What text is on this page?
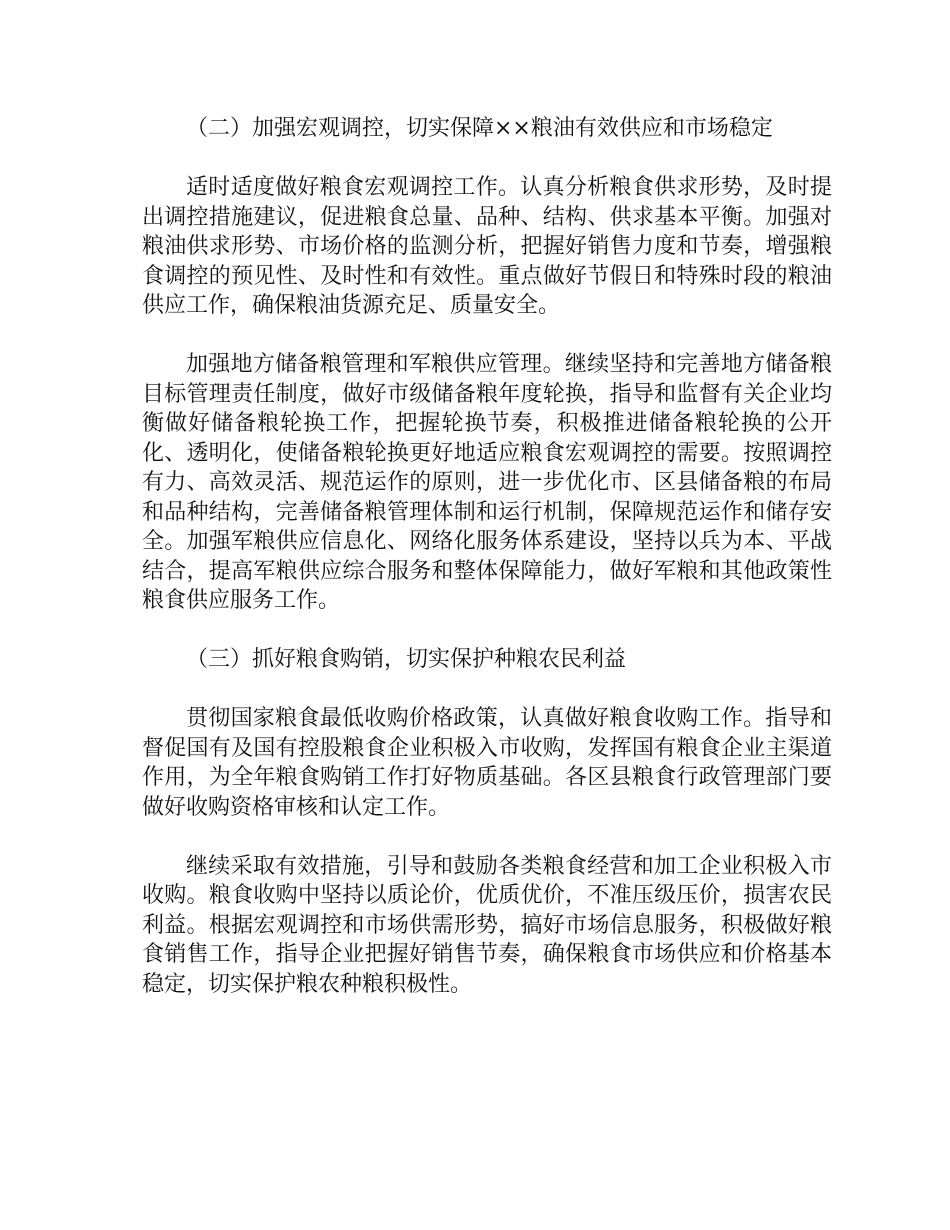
（二）加强宏观调控，切实保障××粮油有效供应和市场稳定

适时适度做好粮食宏观调控工作。认真分析粮食供求形势，及时提出调控措施建议，促进粮食总量、品种、结构、供求基本平衡。加强对粮油供求形势、市场价格的监测分析，把握好销售力度和节奏，增强粮食调控的预见性、及时性和有效性。重点做好节假日和特殊时段的粮油供应工作，确保粮油货源充足、质量安全。

加强地方储备粮管理和军粮供应管理。继续坚持和完善地方储备粮目标管理责任制度，做好市级储备粮年度轮换，指导和监督有关企业均衡做好储备粮轮换工作，把握轮换节奏，积极推进储备粮轮换的公开化、透明化，使储备粮轮换更好地适应粮食宏观调控的需要。按照调控有力、高效灵活、规范运作的原则，进一步优化市、区县储备粮的布局和品种结构，完善储备粮管理体制和运行机制，保障规范运作和储存安全。加强军粮供应信息化、网络化服务体系建设，坚持以兵为本、平战结合，提高军粮供应综合服务和整体保障能力，做好军粮和其他政策性粮食供应服务工作。

（三）抓好粮食购销，切实保护种粮农民利益

贯彻国家粮食最低收购价格政策，认真做好粮食收购工作。指导和督促国有及国有控股粮食企业积极入市收购，发挥国有粮食企业主渠道作用，为全年粮食购销工作打好物质基础。各区县粮食行政管理部门要做好收购资格审核和认定工作。

继续采取有效措施，引导和鼓励各类粮食经营和加工企业积极入市收购。粮食收购中坚持以质论价，优质优价，不准压级压价，损害农民利益。根据宏观调控和市场供需形势，搞好市场信息服务，积极做好粮食销售工作，指导企业把握好销售节奏，确保粮食市场供应和价格基本稳定，切实保护粮农种粮积极性。
